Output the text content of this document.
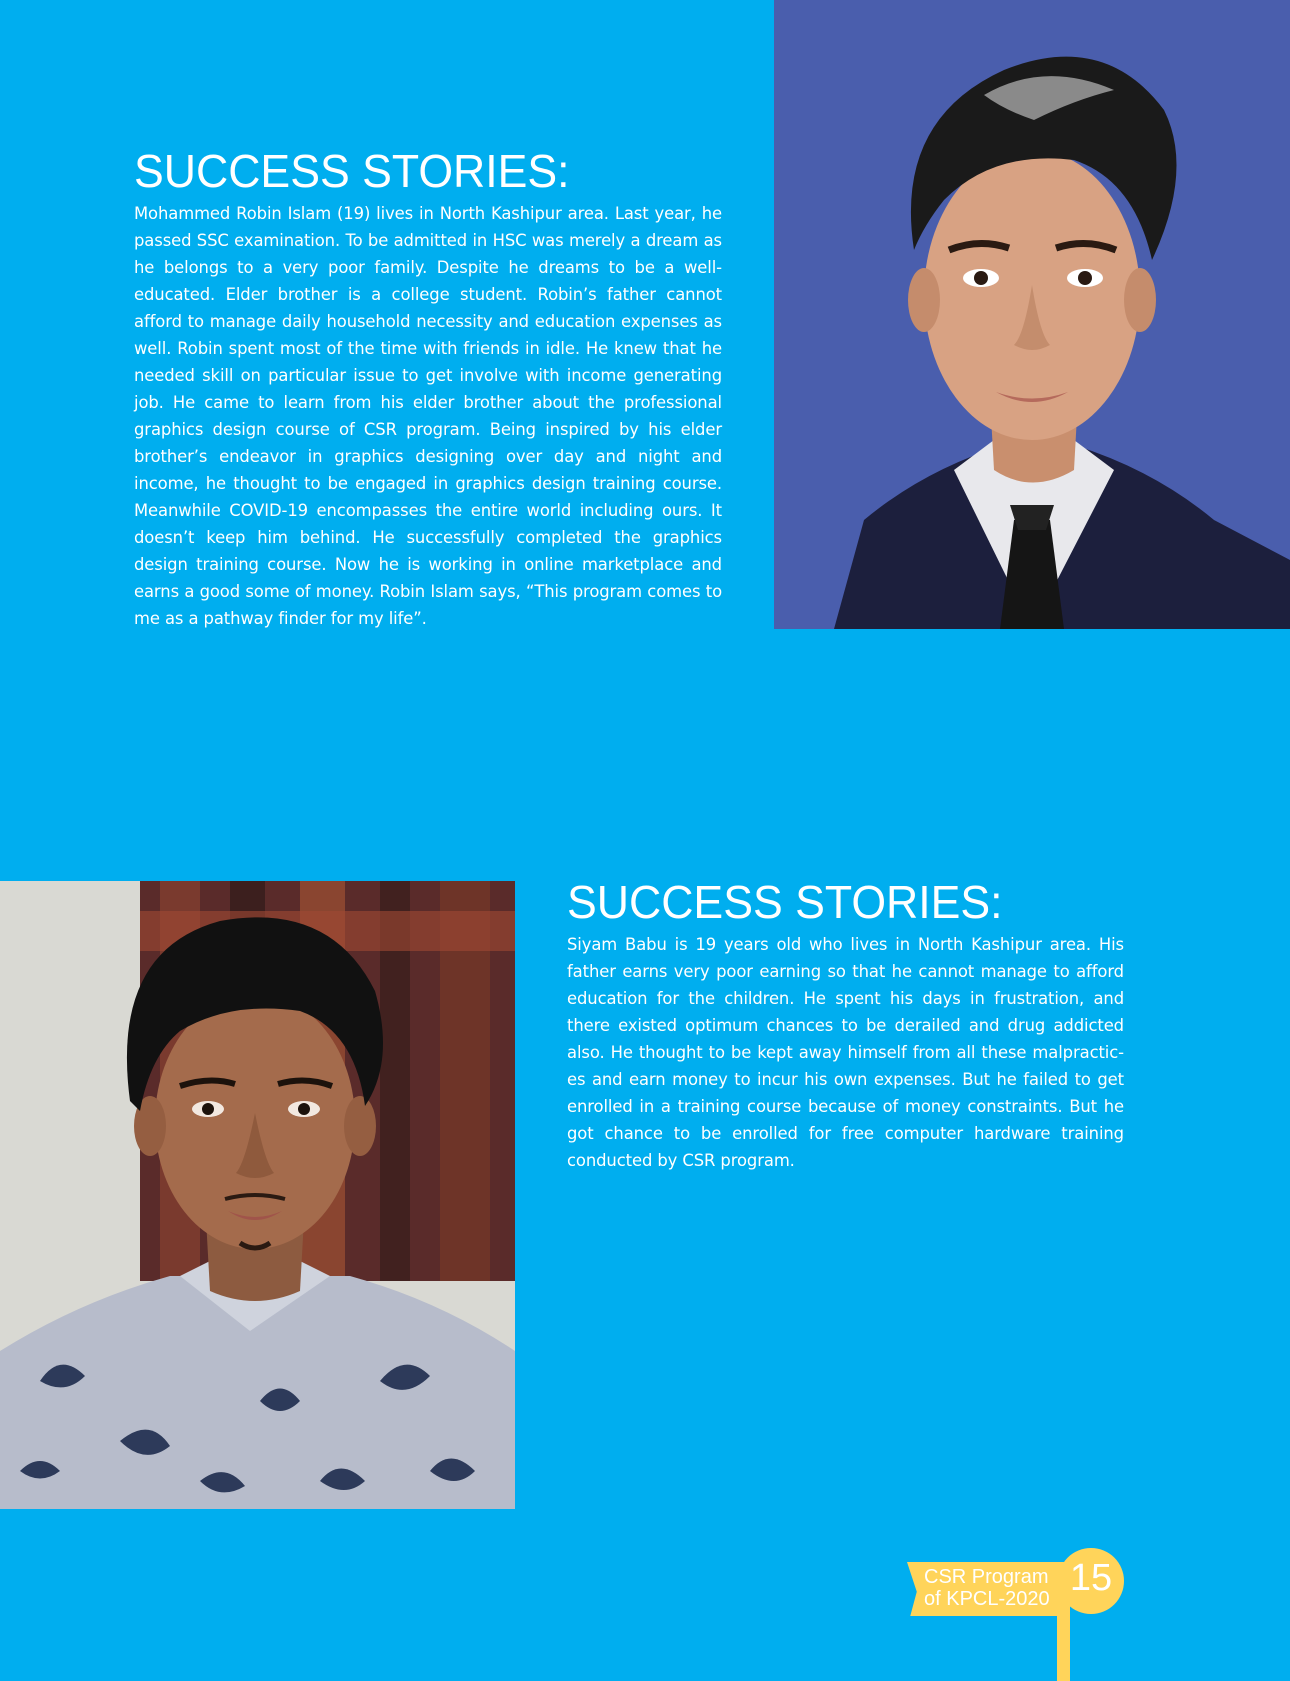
SUCCESS STORIES:

Mohammed Robin Islam (19) lives in North Kashipur area. Last year, he passed SSC examination. To be admitted in HSC was merely a dream as he belongs to a very poor family. Despite he dreams to be a well-educated. Elder brother is a college student. Robin’s father cannot afford to manage daily household necessity and education expenses as well. Robin spent most of the time with friends in idle. He knew that he needed skill on particular issue to get involve with income generating job. He came to learn from his elder brother about the professional graphics design course of CSR program. Being inspired by his elder brother’s endeavor in graphics designing over day and night and income, he thought to be engaged in graphics design training course. Meanwhile COVID-19 encompasses the entire world including ours. It doesn’t keep him behind. He successfully completed the graphics design training course. Now he is working in online marketplace and earns a good some of money. Robin Islam says, “This program comes to me as a pathway finder for my life”.

SUCCESS STORIES:

Siyam Babu is 19 years old who lives in North Kashipur area. His father earns very poor earning so that he cannot manage to afford education for the children. He spent his days in frustration, and there existed optimum chances to be derailed and drug addicted also. He thought to be kept away himself from all these malpractic-es and earn money to incur his own expenses. But he failed to get enrolled in a training course because of money constraints. But he got chance to be enrolled for free computer hardware training conducted by CSR program.

CSR Program
of KPCL-2020 15
